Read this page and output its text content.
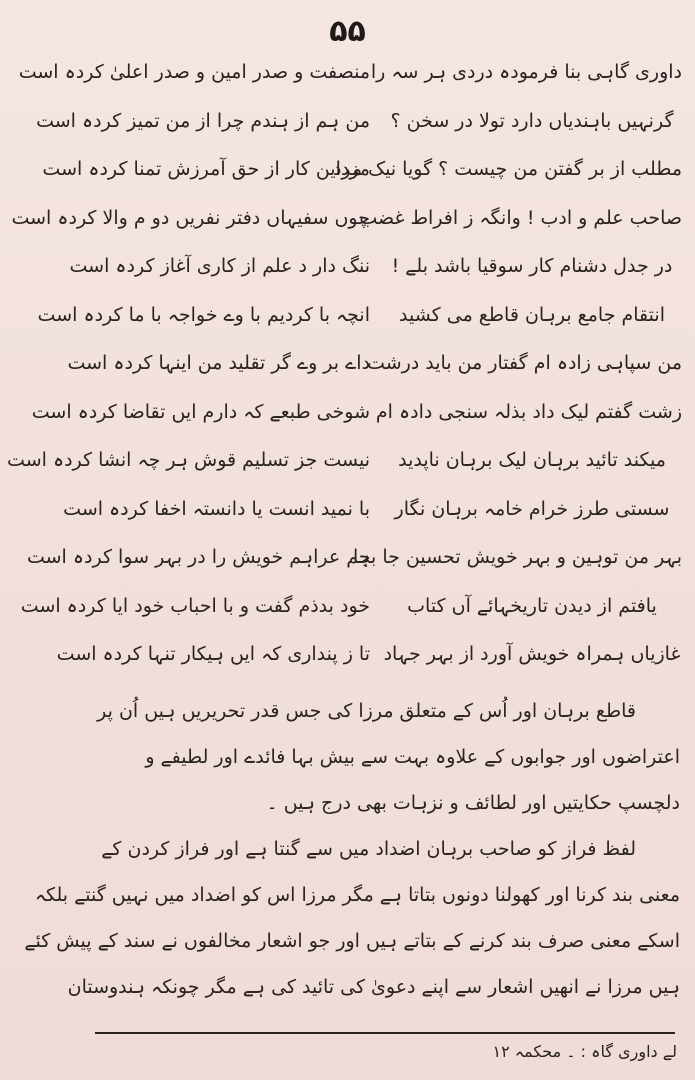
۵۵
داوری گاہی بنا فرمودہ دردی ہر سہ را
گرنہیں باہندیاں دارد تولا در سخن ؟
مطلب از بر گفتن من چیست ؟ گویا نیک مرد
صاحب علم و ادب ! وانگہ ز افراط غضب
در جدل دشنام کار سوقیا باشد بلے !
انتقام جامع برہان قاطع می کشید
من سپاہی زادہ ام گفتار من باید درشت
زشت گفتم لیک داد بذلہ سنجی دادہ ام
میکند تائید برہان لیک برہان ناپدید
سستی طرز خرام خامہ برہان نگار
بہر من توہین و بہر خویش تحسین جا بجا
یافتم از دیدن تاریخہائے آں کتاب
غازیاں ہمراہ خویش آورد از بہر جہاد
منصفت و صدر امین و صدر اعلیٰ کردہ است
من ہم از ہندم چرا از من تمیز کردہ است
مزداین کار از حق آمرزش تمنا کردہ است
چوں سفیہاں دفتر نفریں دو م والا کردہ است
ننگ دار د علم از کاری آغاز کردہ است
انچہ با کردیم با وے خواجہ با ما کردہ است
داے بر وے گر تقلید من اینہا کردہ است
شوخی طبعے کہ دارم ایں تقاضا کردہ است
نیست جز تسلیم قوش ہر چہ انشا کردہ است
با نمید انست یا دانستہ اخفا کردہ است
ہم عراہم خویش را در بہر سوا کردہ است
خود بدذم گفت و با احباب خود ایا کردہ است
تا ز پنداری کہ ایں ہیکار تنہا کردہ است
قاطع برہان اور اُس کے متعلق مرزا کی جس قدر تحریریں ہیں اُن پر
اعتراضوں اور جوابوں کے علاوہ بہت سے بیش بہا فائدے اور لطیفے و
دلچسپ حکایتیں اور لطائف و نزہات بھی درج ہیں ۔
لفظ فراز کو صاحب برہان اضداد میں سے گنتا ہے اور فراز کردن کے
معنی بند کرنا اور کھولنا دونوں بتاتا ہے مگر مرزا اس کو اضداد میں نہیں گنتے بلکہ
اسکے معنی صرف بند کرنے کے بتاتے ہیں اور جو اشعار مخالفوں نے سند کے پیش کئے
ہیں مرزا نے انھیں اشعار سے اپنے دعویٰ کی تائید کی ہے مگر چونکہ ہندوستان
لے داوری گاہ : ۔ محکمہ ۱۲
